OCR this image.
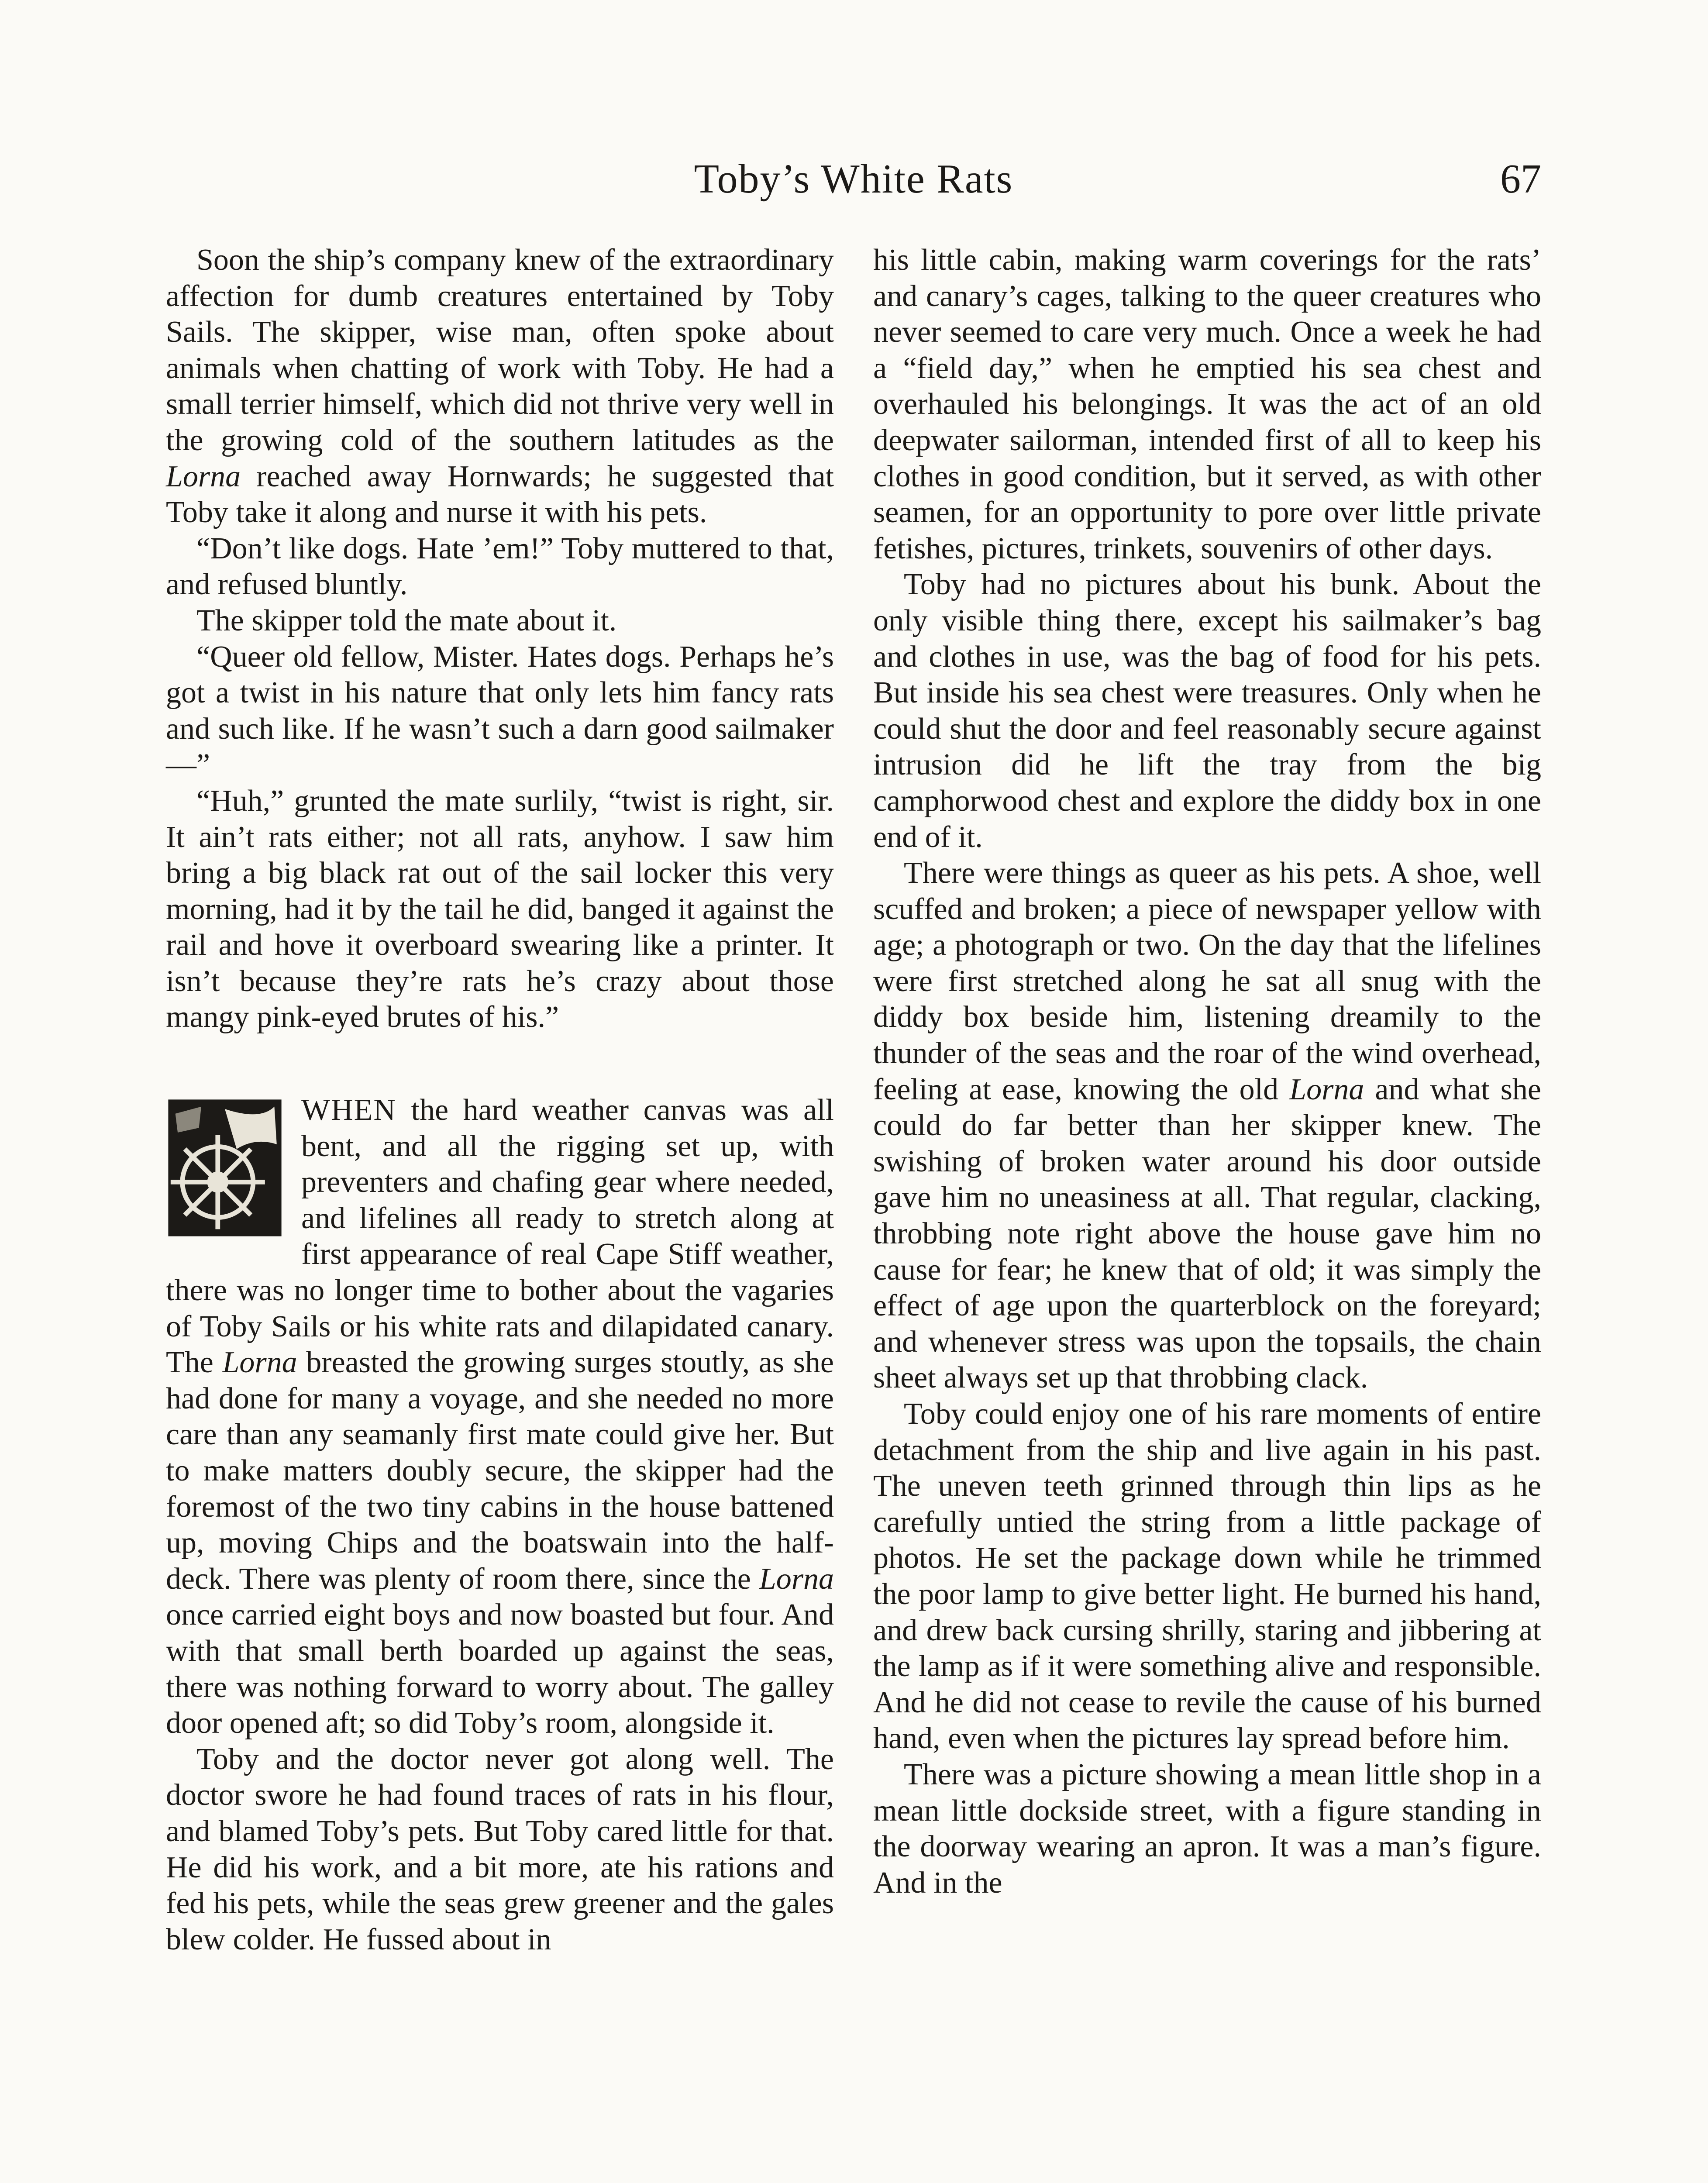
Toby’s White Rats	67

Soon the ship’s company knew of the extraordinary affection for dumb creatures entertained by Toby Sails. The skipper, wise man, often spoke about animals when chatting of work with Toby. He had a small terrier himself, which did not thrive very well in the growing cold of the southern latitudes as the Lorna reached away Hornwards; he suggested that Toby take it along and nurse it with his pets.

“Don’t like dogs. Hate ’em!” Toby muttered to that, and refused bluntly.

The skipper told the mate about it.

“Queer old fellow, Mister. Hates dogs. Perhaps he’s got a twist in his nature that only lets him fancy rats and such like. If he wasn’t such a darn good sailmaker—”

“Huh,” grunted the mate surlily, “twist is right, sir. It ain’t rats either; not all rats, anyhow. I saw him bring a big black rat out of the sail locker this very morning, had it by the tail he did, banged it against the rail and hove it overboard swearing like a printer. It isn’t because they’re rats he’s crazy about those mangy pink-eyed brutes of his.”

WHEN the hard weather canvas was all bent, and all the rigging set up, with preventers and chafing gear where needed, and lifelines all ready to stretch along at first appearance of real Cape Stiff weather, there was no longer time to bother about the vagaries of Toby Sails or his white rats and dilapidated canary. The Lorna breasted the growing surges stoutly, as she had done for many a voyage, and she needed no more care than any seamanly first mate could give her. But to make matters doubly secure, the skipper had the foremost of the two tiny cabins in the house battened up, moving Chips and the boatswain into the half-deck. There was plenty of room there, since the Lorna once carried eight boys and now boasted but four. And with that small berth boarded up against the seas, there was nothing forward to worry about. The galley door opened aft; so did Toby’s room, alongside it.

Toby and the doctor never got along well. The doctor swore he had found traces of rats in his flour, and blamed Toby’s pets. But Toby cared little for that. He did his work, and a bit more, ate his rations and fed his pets, while the seas grew greener and the gales blew colder. He fussed about in

his little cabin, making warm coverings for the rats’ and canary’s cages, talking to the queer creatures who never seemed to care very much. Once a week he had a “field day,” when he emptied his sea chest and overhauled his belongings. It was the act of an old deepwater sailorman, intended first of all to keep his clothes in good condition, but it served, as with other seamen, for an opportunity to pore over little private fetishes, pictures, trinkets, souvenirs of other days.

Toby had no pictures about his bunk. About the only visible thing there, except his sailmaker’s bag and clothes in use, was the bag of food for his pets. But inside his sea chest were treasures. Only when he could shut the door and feel reasonably secure against intrusion did he lift the tray from the big camphorwood chest and explore the diddy box in one end of it.

There were things as queer as his pets. A shoe, well scuffed and broken; a piece of newspaper yellow with age; a photograph or two. On the day that the lifelines were first stretched along he sat all snug with the diddy box beside him, listening dreamily to the thunder of the seas and the roar of the wind overhead, feeling at ease, knowing the old Lorna and what she could do far better than her skipper knew. The swishing of broken water around his door outside gave him no uneasiness at all. That regular, clacking, throbbing note right above the house gave him no cause for fear; he knew that of old; it was simply the effect of age upon the quarterblock on the foreyard; and whenever stress was upon the topsails, the chain sheet always set up that throbbing clack.

Toby could enjoy one of his rare moments of entire detachment from the ship and live again in his past. The uneven teeth grinned through thin lips as he carefully untied the string from a little package of photos. He set the package down while he trimmed the poor lamp to give better light. He burned his hand, and drew back cursing shrilly, staring and jibbering at the lamp as if it were something alive and responsible. And he did not cease to revile the cause of his burned hand, even when the pictures lay spread before him.

There was a picture showing a mean little shop in a mean little dockside street, with a figure standing in the doorway wearing an apron. It was a man’s figure. And in the
